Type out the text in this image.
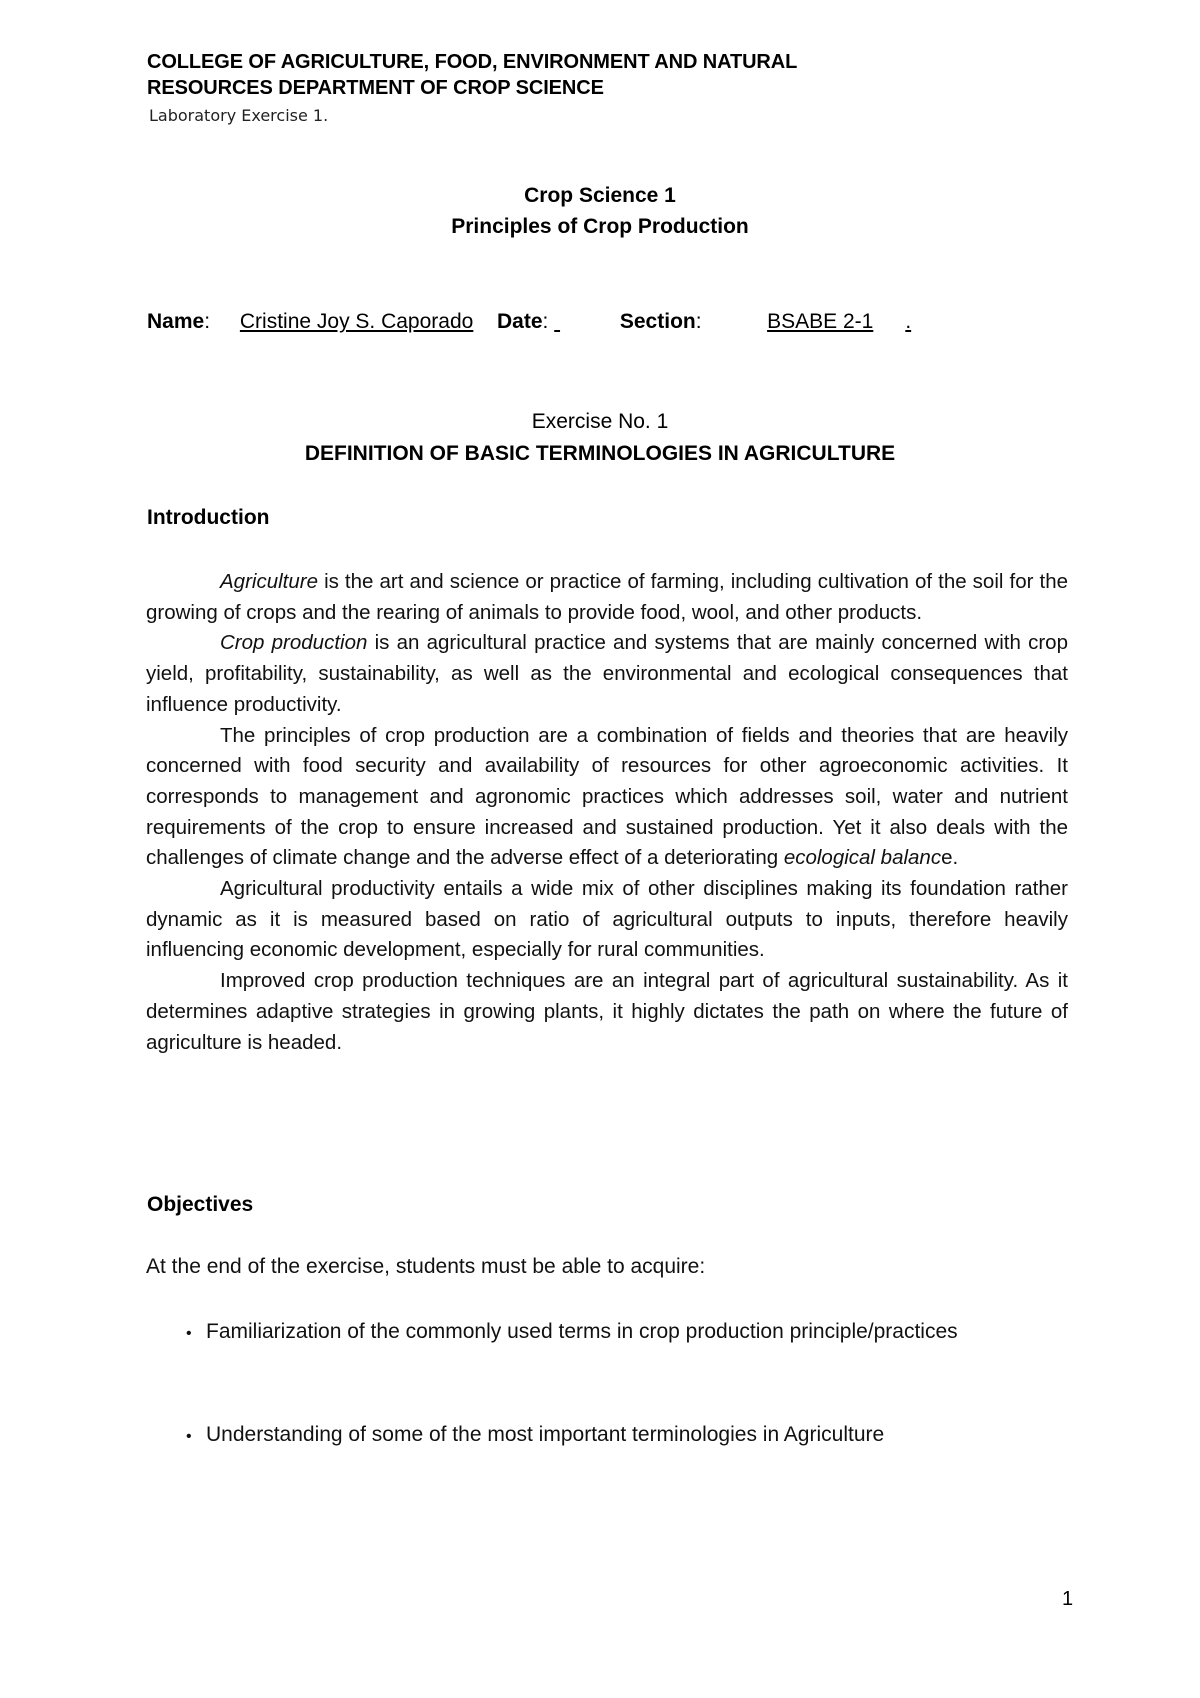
COLLEGE OF AGRICULTURE, FOOD, ENVIRONMENT AND NATURAL
RESOURCES DEPARTMENT OF CROP SCIENCE
Laboratory Exercise 1.
Crop Science 1
Principles of Crop Production
Name: Cristine Joy S. Caporado Date:	Section:   BSABE 2-1 .
Exercise No. 1
DEFINITION OF BASIC TERMINOLOGIES IN AGRICULTURE
Introduction

Agriculture is the art and science or practice of farming, including cultivation of the soil for the growing of crops and the rearing of animals to provide food, wool, and other products.

Crop production is an agricultural practice and systems that are mainly concerned with crop yield, profitability, sustainability, as well as the environmental and ecological consequences that influence productivity.

The principles of crop production are a combination of fields and theories that are heavily concerned with food security and availability of resources for other agroeconomic activities. It corresponds to management and agronomic practices which addresses soil, water and nutrient requirements of the crop to ensure increased and sustained production. Yet it also deals with the challenges of climate change and the adverse effect of a deteriorating ecological balance.

Agricultural productivity entails a wide mix of other disciplines making its foundation rather dynamic as it is measured based on ratio of agricultural outputs to inputs, therefore heavily influencing economic development, especially for rural communities.

Improved crop production techniques are an integral part of agricultural sustainability. As it determines adaptive strategies in growing plants, it highly dictates the path on where the future of agriculture is headed.

Objectives
At the end of the exercise, students must be able to acquire:
• Familiarization of the commonly used terms in crop production principle/practices
• Understanding of some of the most important terminologies in Agriculture
1
